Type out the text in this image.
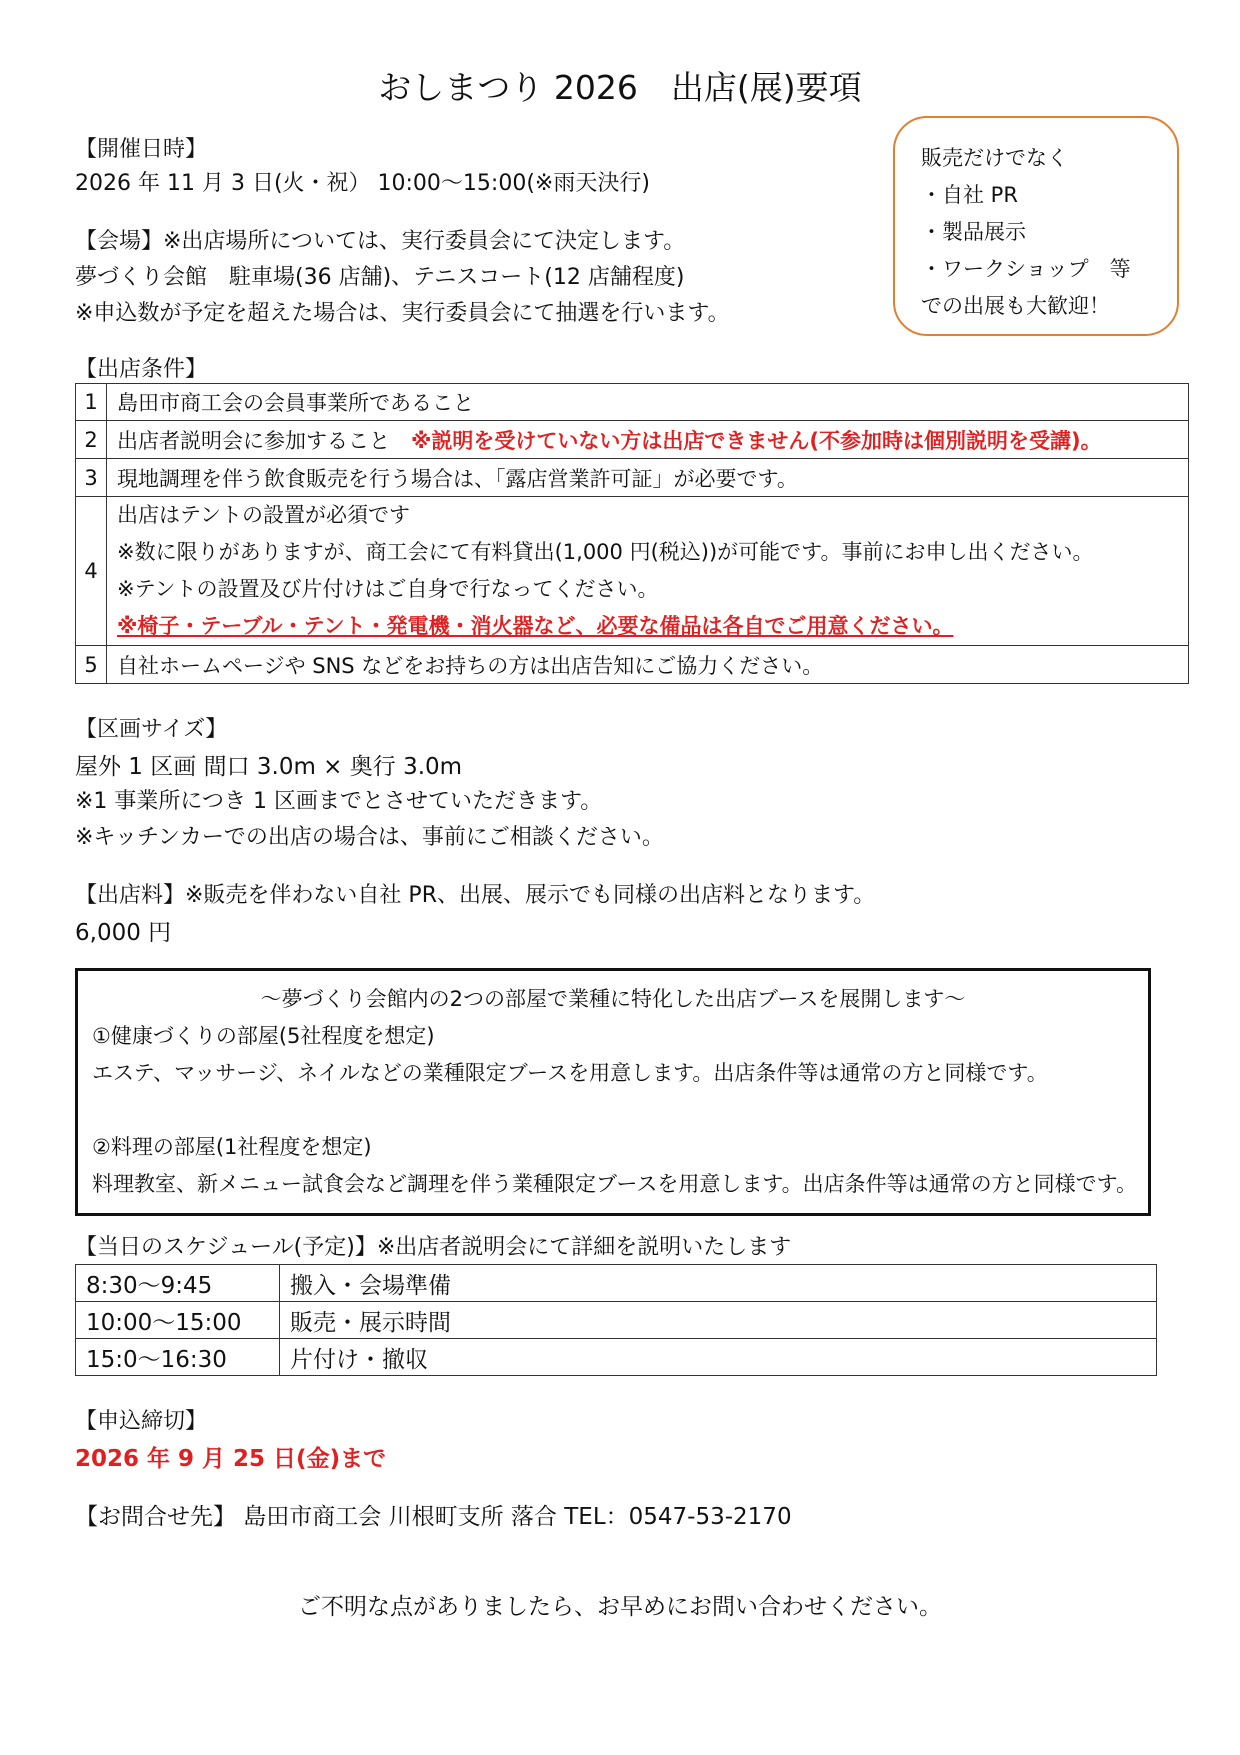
おしまつり 2026　出店(展)要項
【開催日時】
2026 年 11 月 3 日(火・祝） 10:00～15:00(※雨天決行)
【会場】※出店場所については、実行委員会にて決定します。
夢づくり会館　駐車場(36 店舗)、テニスコート(12 店舗程度)
※申込数が予定を超えた場合は、実行委員会にて抽選を行います。
販売だけでなく
・自社 PR
・製品展示
・ワークショップ　等
での出展も大歓迎！
【出店条件】
1	島田市商工会の会員事業所であること
2	出店者説明会に参加すること　 ※説明を受けていない方は出店できません(不参加時は個別説明を受講)。
3	現地調理を伴う飲食販売を行う場合は、「露店営業許可証」が必要です。
4	出店はテントの設置が必須です
※数に限りがありますが、商工会にて有料貸出(1,000 円(税込))が可能です。事前にお申し出ください。
※テントの設置及び片付けはご自身で行なってください。
※椅子・テーブル・テント・発電機・消火器など、必要な備品は各自でご用意ください。

5	自社ホームページや SNS などをお持ちの方は出店告知にご協力ください。
【区画サイズ】
屋外 1 区画 間口 3.0m × 奥行 3.0m
※1 事業所につき 1 区画までとさせていただきます。
※キッチンカーでの出店の場合は、事前にご相談ください。
【出店料】※販売を伴わない自社 PR、出展、展示でも同様の出店料となります。
6,000 円
～夢づくり会館内の2つの部屋で業種に特化した出店ブースを展開します～
①健康づくりの部屋(5社程度を想定)
エステ、マッサージ、ネイルなどの業種限定ブースを用意します。出店条件等は通常の方と同様です。
②料理の部屋(1社程度を想定)
料理教室、新メニュー試食会など調理を伴う業種限定ブースを用意します。出店条件等は通常の方と同様です。
【当日のスケジュール(予定)】※出店者説明会にて詳細を説明いたします
8:30～9:45	搬入・会場準備
10:00～15:00	販売・展示時間
15:0～16:30	片付け・撤収
【申込締切】
2026 年 9 月 25 日(金)まで
【お問合せ先】 島田市商工会 川根町支所 落合 TEL：0547-53-2170
ご不明な点がありましたら、お早めにお問い合わせください。
